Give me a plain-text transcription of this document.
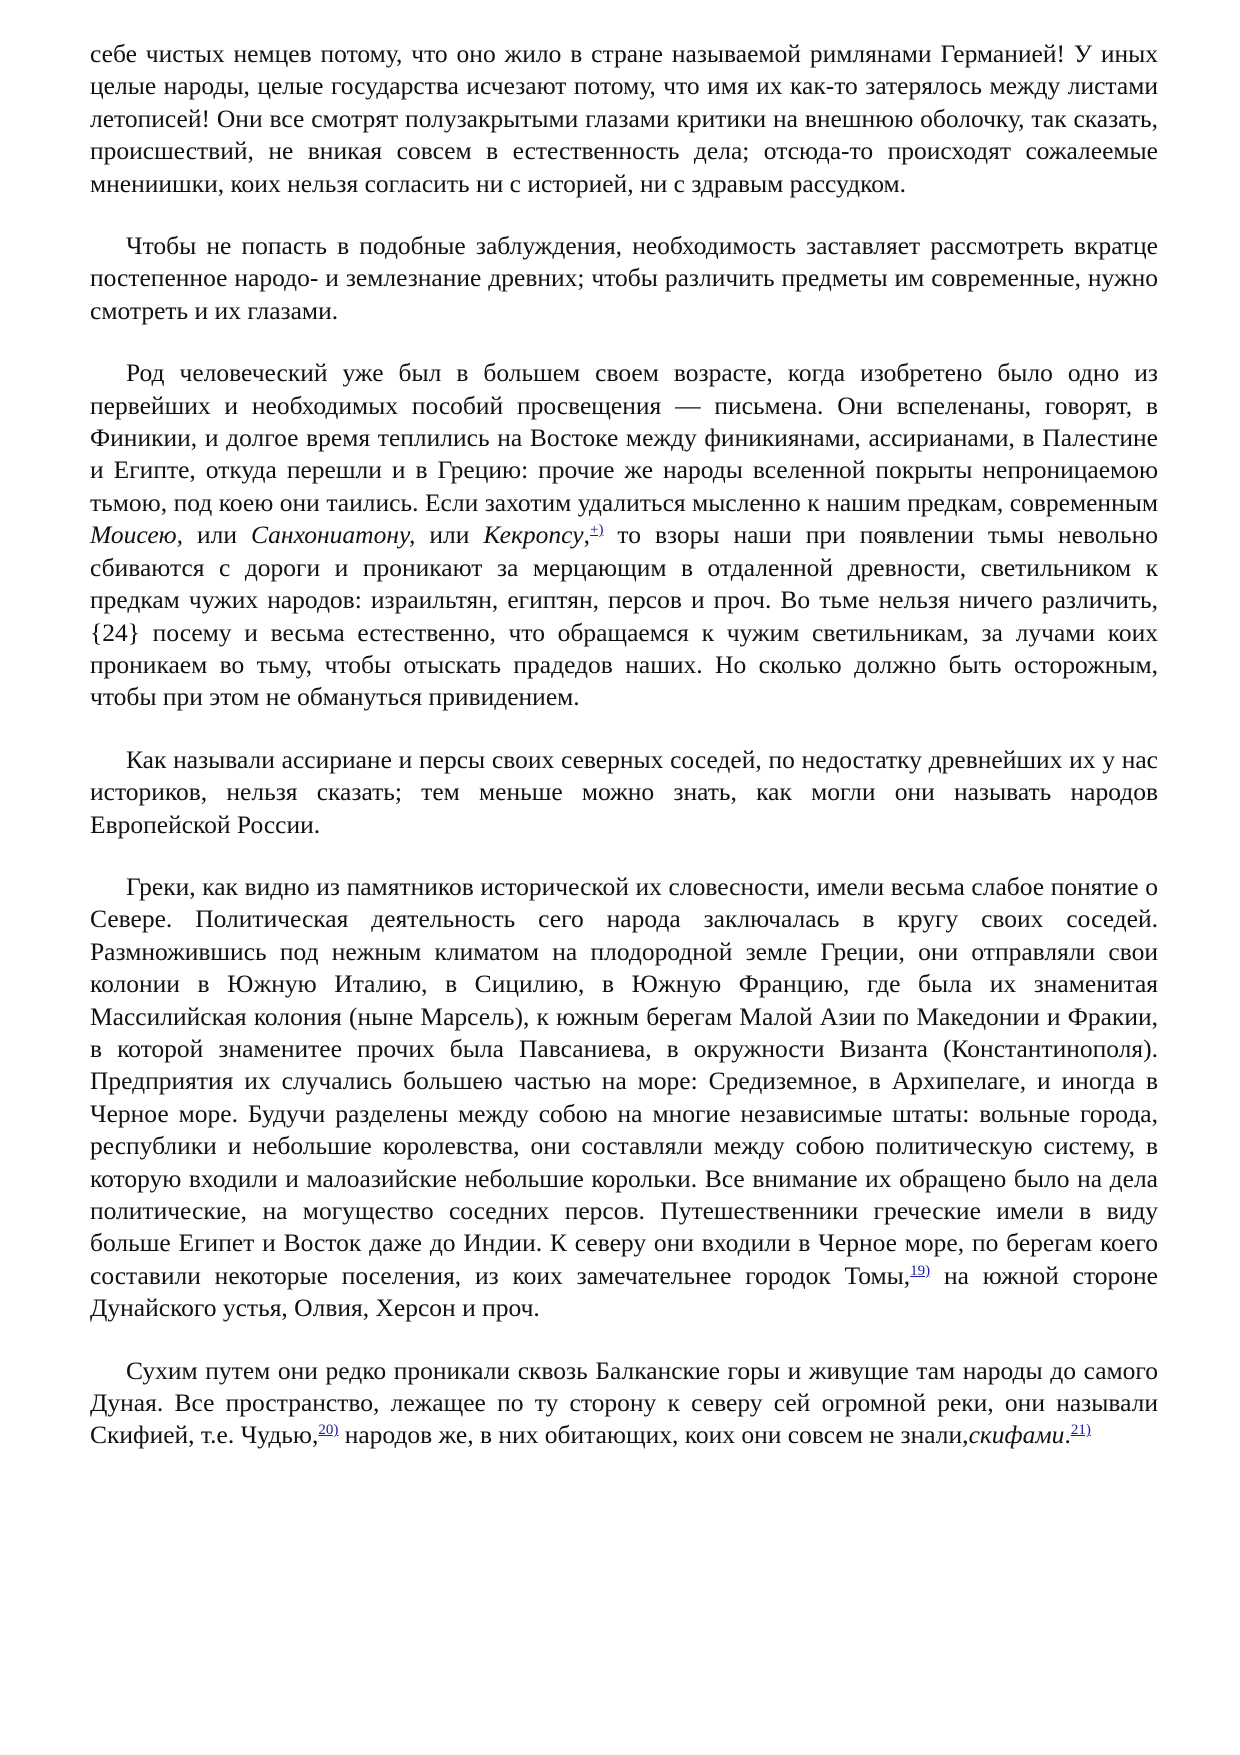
себе чистых немцев потому, что оно жило в стране называемой римлянами Германией! У иных целые народы, целые государства исчезают потому, что имя их как-то затерялось между листами летописей! Они все смотрят полузакрытыми глазами критики на внешнюю оболочку, так сказать, происшествий, не вникая совсем в естественность дела; отсюда-то происходят сожалеемые мнениишки, коих нельзя согласить ни с историей, ни с здравым рассудком.

Чтобы не попасть в подобные заблуждения, необходимость заставляет рассмотреть вкратце постепенное народо- и землезнание древних; чтобы различить предметы им современные, нужно смотреть и их глазами.

Род человеческий уже был в большем своем возрасте, когда изобретено было одно из первейших и необходимых пособий просвещения — письмена. Они вспеленаны, говорят, в Финикии, и долгое время теплились на Востоке между финикиянами, ассирианами, в Палестине и Египте, откуда перешли и в Грецию: прочие же народы вселенной покрыты непроницаемою тьмою, под коею они таились. Если захотим удалиться мысленно к нашим предкам, современным Моисею, или Санхониатону, или Кекропсу,+) то взоры наши при появлении тьмы невольно сбиваются с дороги и проникают за мерцающим в отдаленной древности, светильником к предкам чужих народов: израильтян, египтян, персов и проч. Во тьме нельзя ничего различить, {24} посему и весьма естественно, что обращаемся к чужим светильникам, за лучами коих проникаем во тьму, чтобы отыскать прадедов наших. Но сколько должно быть осторожным, чтобы при этом не обмануться привидением.

Как называли ассириане и персы своих северных соседей, по недостатку древнейших их у нас историков, нельзя сказать; тем меньше можно знать, как могли они называть народов Европейской России.

Греки, как видно из памятников исторической их словесности, имели весьма слабое понятие о Севере. Политическая деятельность сего народа заключалась в кругу своих соседей. Размножившись под нежным климатом на плодородной земле Греции, они отправляли свои колонии в Южную Италию, в Сицилию, в Южную Францию, где была их знаменитая Массилийская колония (ныне Марсель), к южным берегам Малой Азии по Македонии и Фракии, в которой знаменитее прочих была Павсаниева, в окружности Византа (Константинополя). Предприятия их случались большею частью на море: Средиземное, в Архипелаге, и иногда в Черное море. Будучи разделены между собою на многие независимые штаты: вольные города, республики и небольшие королевства, они составляли между собою политическую систему, в которую входили и малоазийские небольшие корольки. Все внимание их обращено было на дела политические, на могущество соседних персов. Путешественники греческие имели в виду больше Египет и Восток даже до Индии. К северу они входили в Черное море, по берегам коего составили некоторые поселения, из коих замечательнее городок Томы,$^{19)}$ на южной стороне Дунайского устья, Олвия, Херсон и проч.

Сухим путем они редко проникали сквозь Балканские горы и живущие там народы до самого Дуная. Все пространство, лежащее по ту сторону к северу сей огромной реки, они называли Скифией, т.е. Чудью,$^{20)}$ народов же, в них обитающих, коих они совсем не знали,скифами.$^{21)}$
